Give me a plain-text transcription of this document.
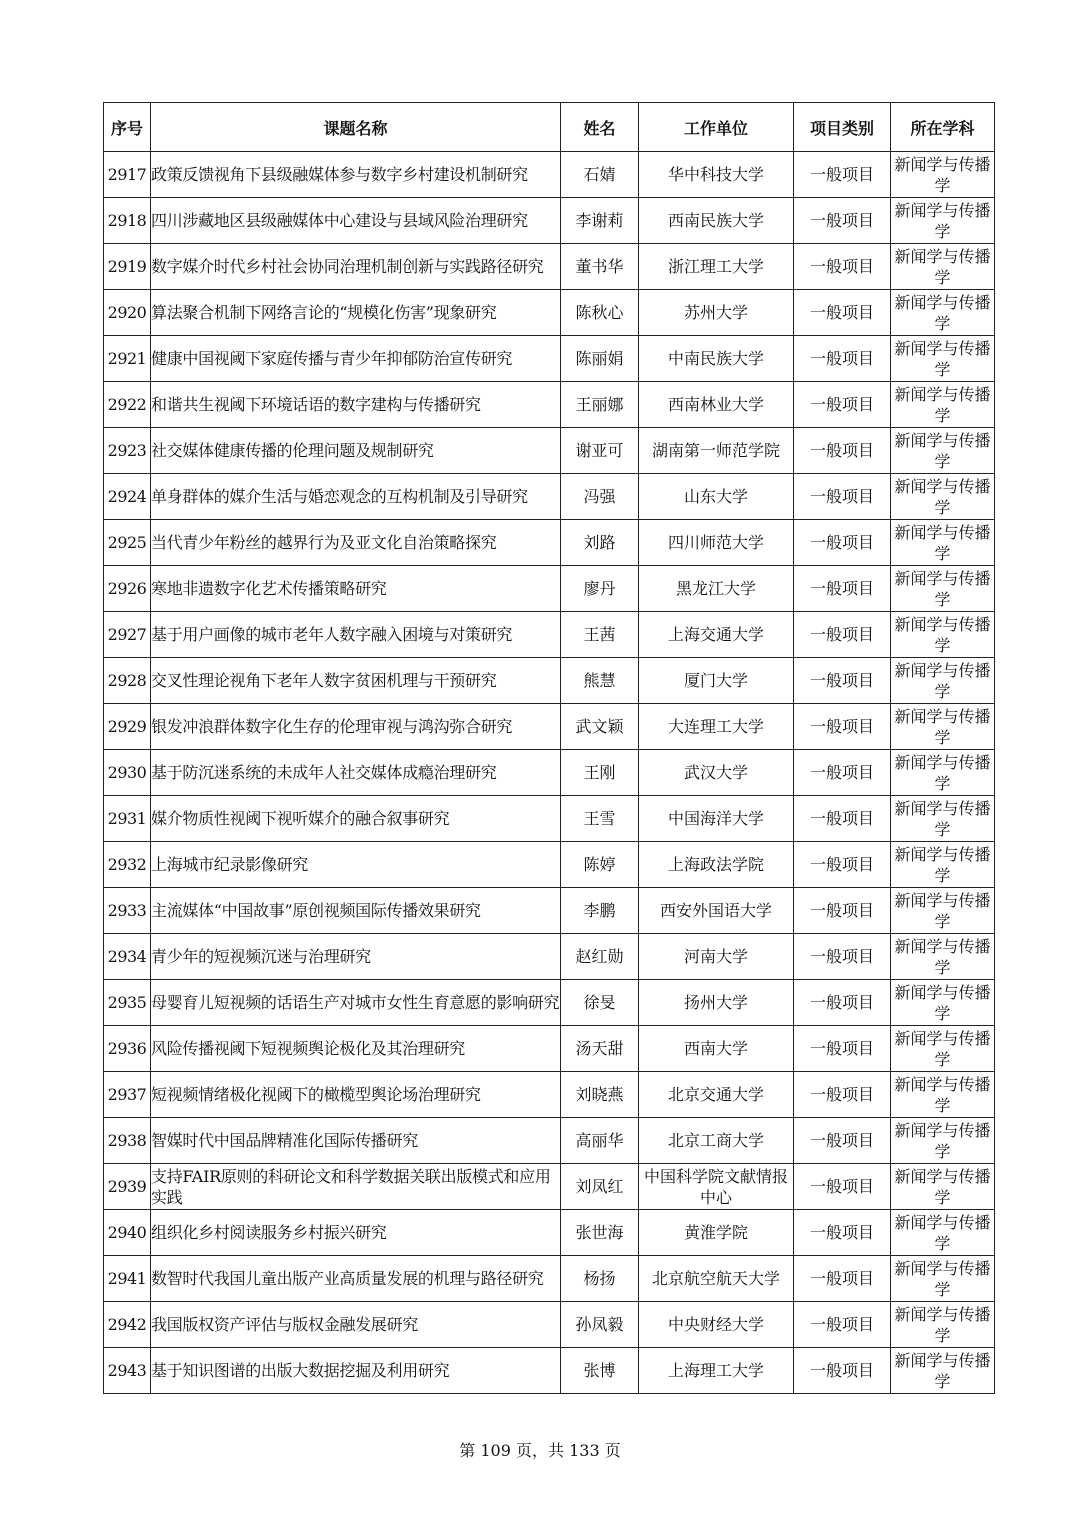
序号	课题名称	姓名	工作单位	项目类别	所在学科
2917	政策反馈视角下县级融媒体参与数字乡村建设机制研究	石婧	华中科技大学	一般项目	新闻学与传播学
2918	四川涉藏地区县级融媒体中心建设与县域风险治理研究	李谢莉	西南民族大学	一般项目	新闻学与传播学
2919	数字媒介时代乡村社会协同治理机制创新与实践路径研究	董书华	浙江理工大学	一般项目	新闻学与传播学
2920	算法聚合机制下网络言论的“规模化伤害”现象研究	陈秋心	苏州大学	一般项目	新闻学与传播学
2921	健康中国视阈下家庭传播与青少年抑郁防治宣传研究	陈丽娟	中南民族大学	一般项目	新闻学与传播学
2922	和谐共生视阈下环境话语的数字建构与传播研究	王丽娜	西南林业大学	一般项目	新闻学与传播学
2923	社交媒体健康传播的伦理问题及规制研究	谢亚可	湖南第一师范学院	一般项目	新闻学与传播学
2924	单身群体的媒介生活与婚恋观念的互构机制及引导研究	冯强	山东大学	一般项目	新闻学与传播学
2925	当代青少年粉丝的越界行为及亚文化自治策略探究	刘路	四川师范大学	一般项目	新闻学与传播学
2926	寒地非遗数字化艺术传播策略研究	廖丹	黑龙江大学	一般项目	新闻学与传播学
2927	基于用户画像的城市老年人数字融入困境与对策研究	王茜	上海交通大学	一般项目	新闻学与传播学
2928	交叉性理论视角下老年人数字贫困机理与干预研究	熊慧	厦门大学	一般项目	新闻学与传播学
2929	银发冲浪群体数字化生存的伦理审视与鸿沟弥合研究	武文颖	大连理工大学	一般项目	新闻学与传播学
2930	基于防沉迷系统的未成年人社交媒体成瘾治理研究	王刚	武汉大学	一般项目	新闻学与传播学
2931	媒介物质性视阈下视听媒介的融合叙事研究	王雪	中国海洋大学	一般项目	新闻学与传播学
2932	上海城市纪录影像研究	陈婷	上海政法学院	一般项目	新闻学与传播学
2933	主流媒体“中国故事”原创视频国际传播效果研究	李鹏	西安外国语大学	一般项目	新闻学与传播学
2934	青少年的短视频沉迷与治理研究	赵红勋	河南大学	一般项目	新闻学与传播学
2935	母婴育儿短视频的话语生产对城市女性生育意愿的影响研究	徐旻	扬州大学	一般项目	新闻学与传播学
2936	风险传播视阈下短视频舆论极化及其治理研究	汤天甜	西南大学	一般项目	新闻学与传播学
2937	短视频情绪极化视阈下的橄榄型舆论场治理研究	刘晓燕	北京交通大学	一般项目	新闻学与传播学
2938	智媒时代中国品牌精准化国际传播研究	高丽华	北京工商大学	一般项目	新闻学与传播学
2939	支持FAIR原则的科研论文和科学数据关联出版模式和应用实践	刘凤红	中国科学院文献情报中心	一般项目	新闻学与传播学
2940	组织化乡村阅读服务乡村振兴研究	张世海	黄淮学院	一般项目	新闻学与传播学
2941	数智时代我国儿童出版产业高质量发展的机理与路径研究	杨扬	北京航空航天大学	一般项目	新闻学与传播学
2942	我国版权资产评估与版权金融发展研究	孙凤毅	中央财经大学	一般项目	新闻学与传播学
2943	基于知识图谱的出版大数据挖掘及利用研究	张博	上海理工大学	一般项目	新闻学与传播学
第 109 页，共 133 页
